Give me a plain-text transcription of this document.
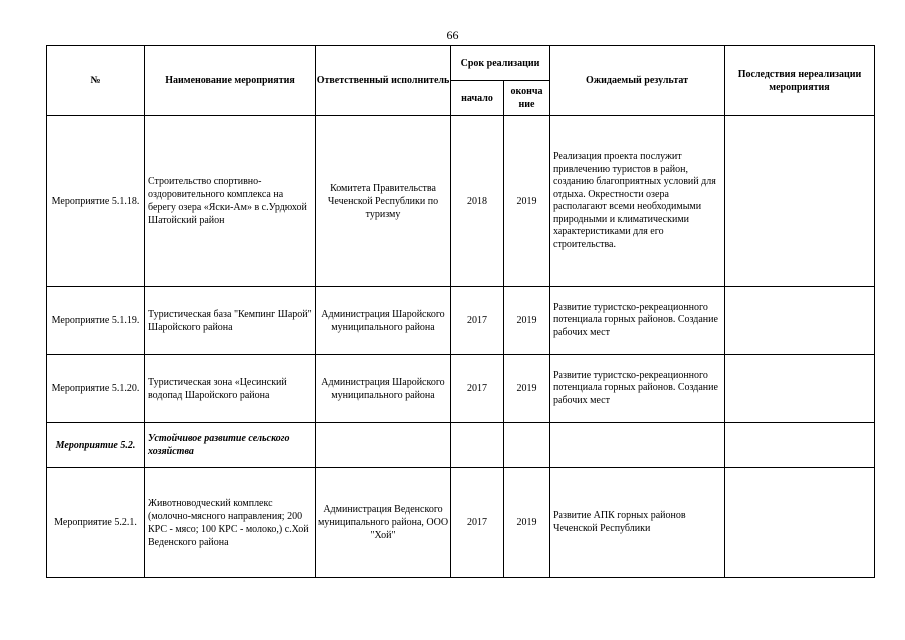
66
№	Наименование мероприятия	Ответственный исполнитель	Срок реализации		Ожидаемый результат	Последствия нереализации мероприятия
			начало	оконча ние		
Мероприятие 5.1.18.	Строительство спортивно-оздоровительного комплекса на берегу озера «Яски-Ам» в с.Урдюхой Шатойский район	Комитета Правительства Чеченской Республики по туризму	2018	2019	Реализация проекта послужит привлечению туристов в район, созданию благоприятных условий для отдыха. Окрестности озера располагают всеми необходимыми природными и климатическими характеристиками для его строительства.	
Мероприятие 5.1.19.	Туристическая база "Кемпинг Шарой" Шаройского района	Администрация Шаройского муниципального района	2017	2019	Развитие туристско-рекреационного потенциала горных районов. Создание рабочих мест	
Мероприятие 5.1.20.	Туристическая зона «Цесинский водопад Шаройского района	Администрация Шаройского муниципального района	2017	2019	Развитие туристско-рекреационного потенциала горных районов. Создание рабочих мест	
Мероприятие 5.2.	Устойчивое развитие сельского хозяйства					
Мероприятие 5.2.1.	Животноводческий комплекс (молочно-мясного направления; 200 КРС - мясо; 100 КРС - молоко,) с.Хой Веденского района	Администрация Веденского муниципального района, ООО "Хой"	2017	2019	Развитие АПК горных районов Чеченской Республики	
